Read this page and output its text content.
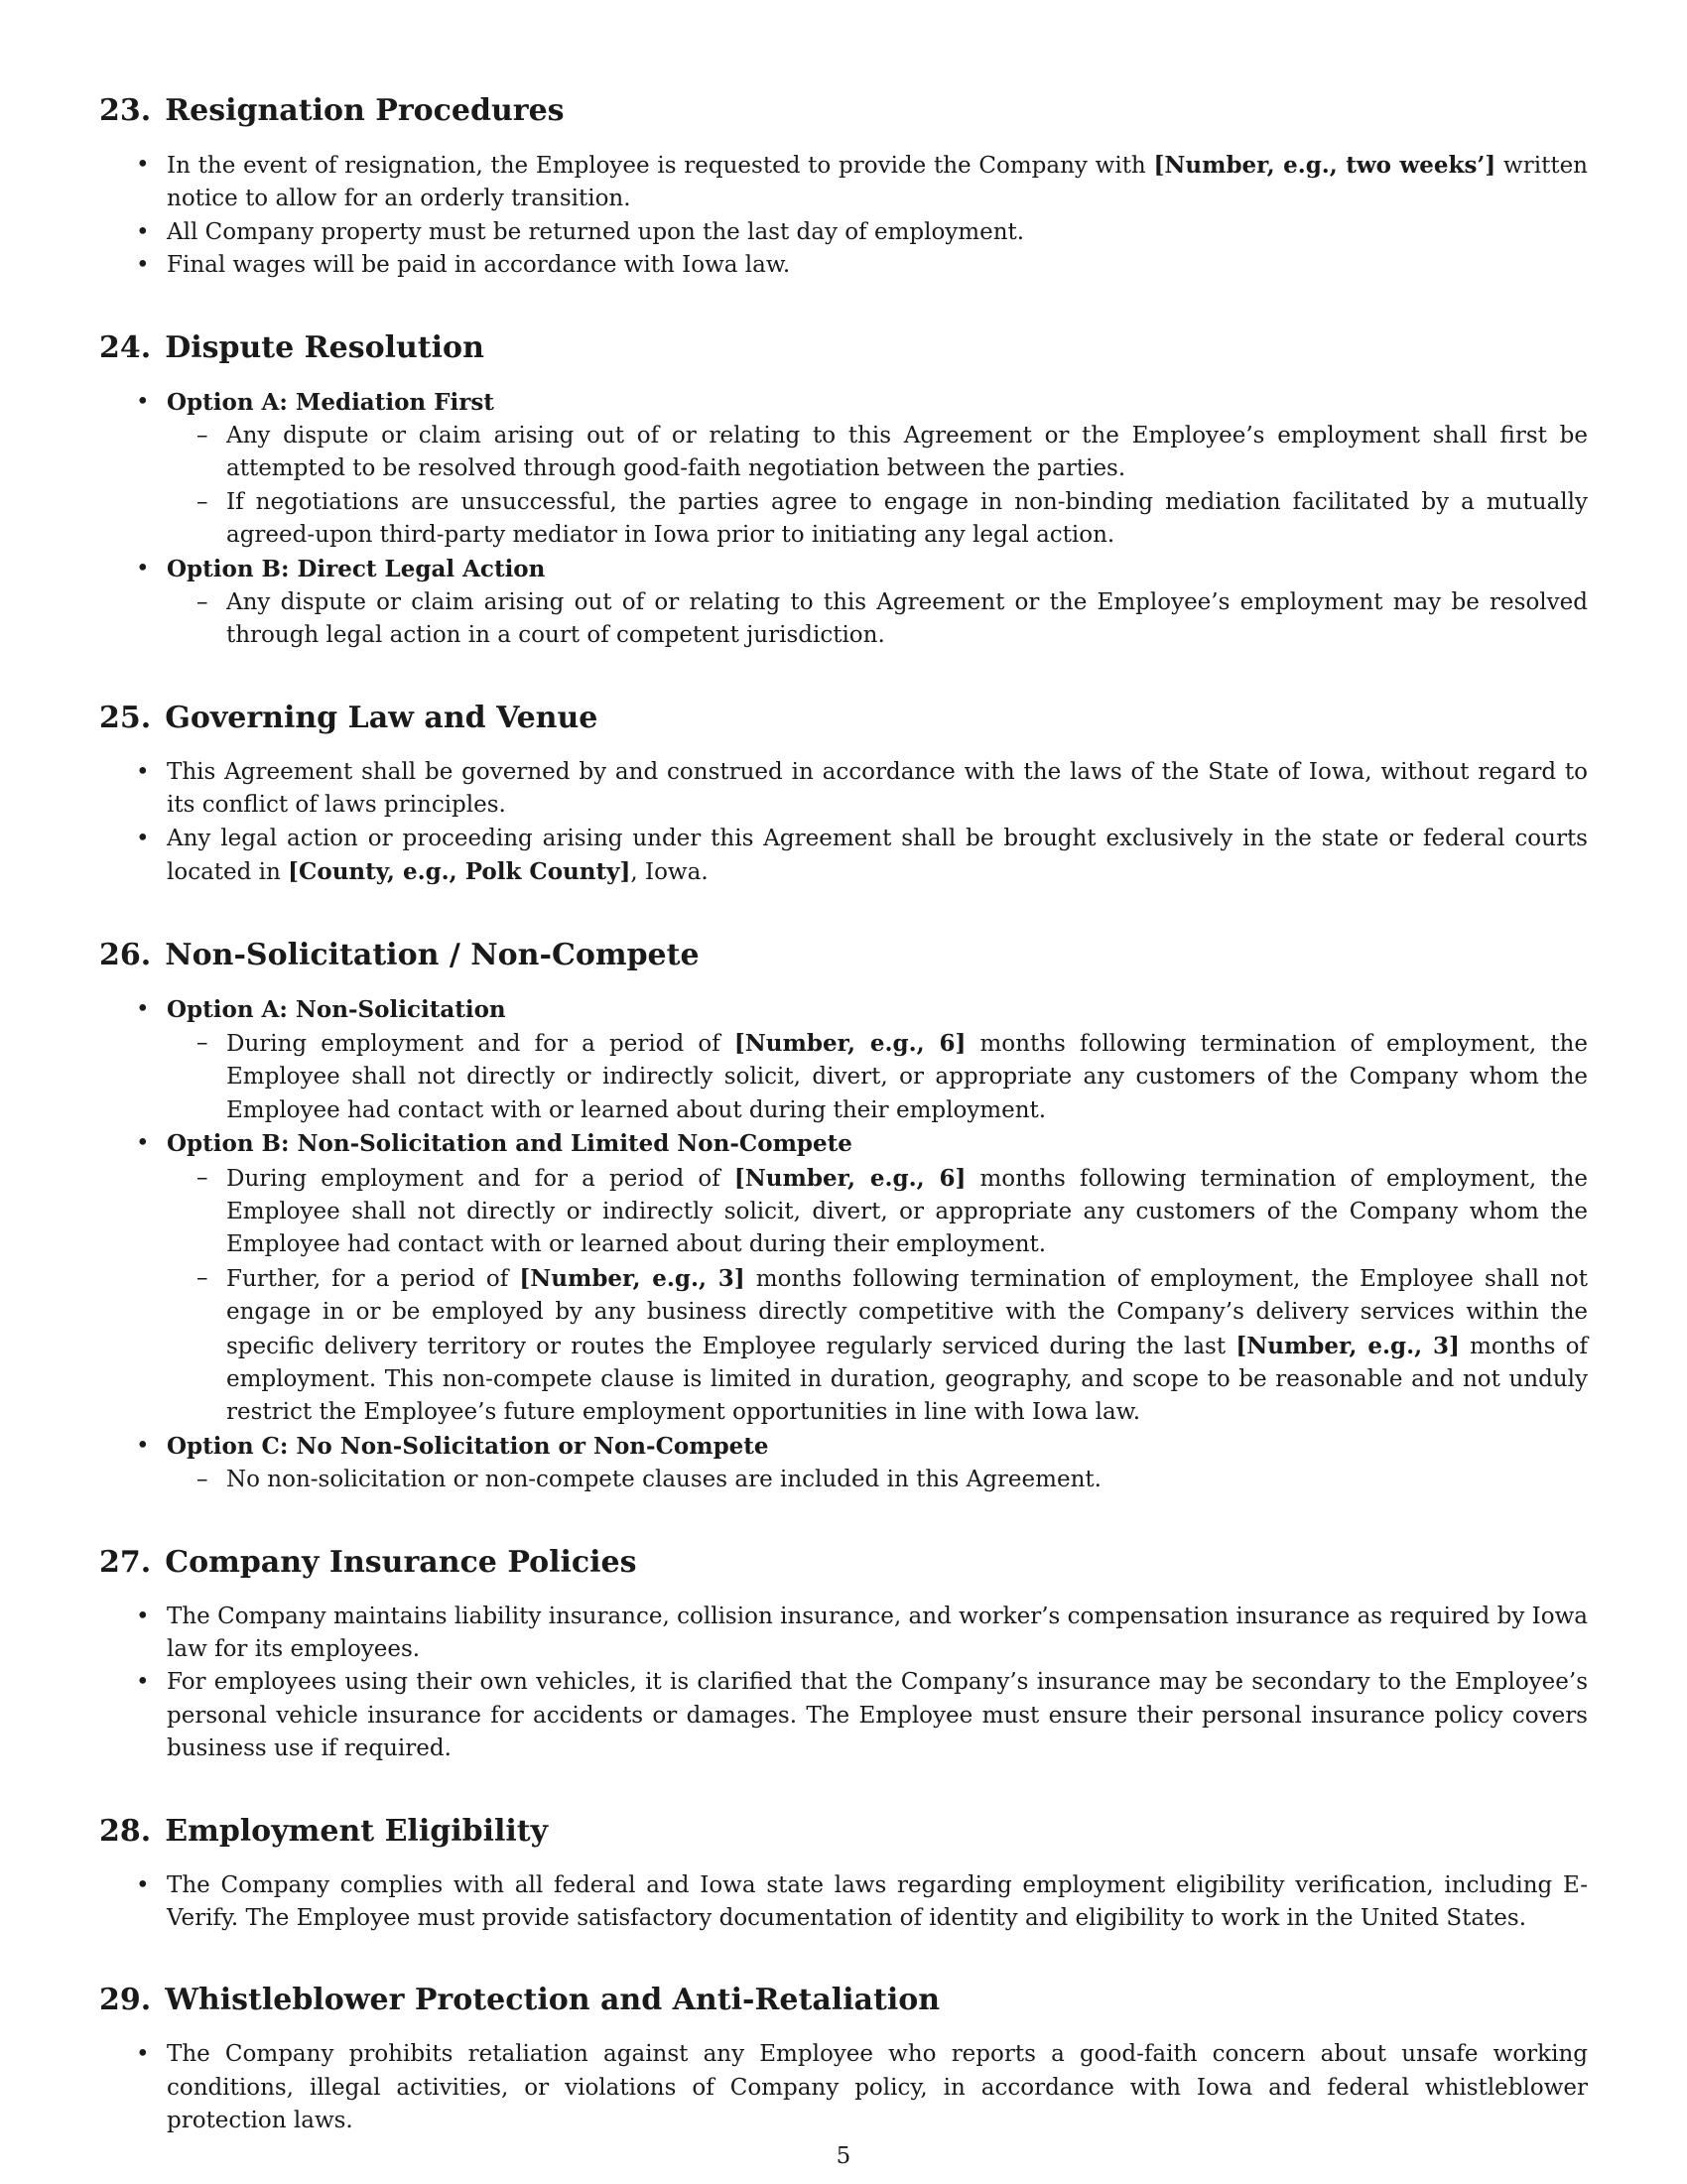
23. Resignation Procedures
• In the event of resignation, the Employee is requested to provide the Company with [Number, e.g., two weeks’] written notice to allow for an orderly transition.
• All Company property must be returned upon the last day of employment.
• Final wages will be paid in accordance with Iowa law.
24. Dispute Resolution
• Option A: Mediation First
– Any dispute or claim arising out of or relating to this Agreement or the Employee’s employment shall first be attempted to be resolved through good-faith negotiation between the parties.
– If negotiations are unsuccessful, the parties agree to engage in non-binding mediation facilitated by a mutually agreed-upon third-party mediator in Iowa prior to initiating any legal action.
• Option B: Direct Legal Action
– Any dispute or claim arising out of or relating to this Agreement or the Employee’s employment may be resolved through legal action in a court of competent jurisdiction.
25. Governing Law and Venue
• This Agreement shall be governed by and construed in accordance with the laws of the State of Iowa, without regard to its conflict of laws principles.
• Any legal action or proceeding arising under this Agreement shall be brought exclusively in the state or federal courts located in [County, e.g., Polk County], Iowa.
26. Non-Solicitation / Non-Compete
• Option A: Non-Solicitation
– During employment and for a period of [Number, e.g., 6] months following termination of employment, the Employee shall not directly or indirectly solicit, divert, or appropriate any customers of the Company whom the Employee had contact with or learned about during their employment.
• Option B: Non-Solicitation and Limited Non-Compete
– During employment and for a period of [Number, e.g., 6] months following termination of employment, the Employee shall not directly or indirectly solicit, divert, or appropriate any customers of the Company whom the Employee had contact with or learned about during their employment.
– Further, for a period of [Number, e.g., 3] months following termination of employment, the Employee shall not engage in or be employed by any business directly competitive with the Company’s delivery services within the specific delivery territory or routes the Employee regularly serviced during the last [Number, e.g., 3] months of employment. This non-compete clause is limited in duration, geography, and scope to be reasonable and not unduly restrict the Employee’s future employment opportunities in line with Iowa law.
• Option C: No Non-Solicitation or Non-Compete
– No non-solicitation or non-compete clauses are included in this Agreement.
27. Company Insurance Policies
• The Company maintains liability insurance, collision insurance, and worker’s compensation insurance as required by Iowa law for its employees.
• For employees using their own vehicles, it is clarified that the Company’s insurance may be secondary to the Employee’s personal vehicle insurance for accidents or damages. The Employee must ensure their personal insurance policy covers business use if required.
28. Employment Eligibility
• The Company complies with all federal and Iowa state laws regarding employment eligibility verification, including E-Verify. The Employee must provide satisfactory documentation of identity and eligibility to work in the United States.
29. Whistleblower Protection and Anti-Retaliation
• The Company prohibits retaliation against any Employee who reports a good-faith concern about unsafe working conditions, illegal activities, or violations of Company policy, in accordance with Iowa and federal whistleblower protection laws.
5
